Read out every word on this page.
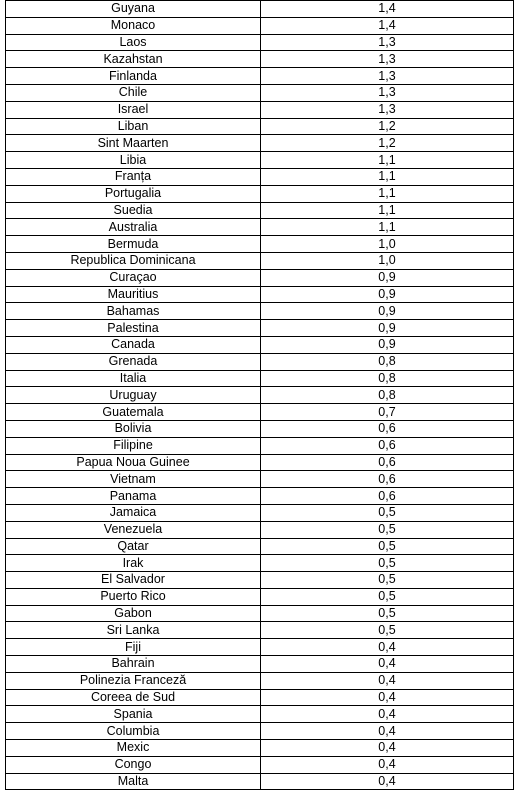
Guyana	1,4
Monaco	1,4
Laos	1,3
Kazahstan	1,3
Finlanda	1,3
Chile	1,3
Israel	1,3
Liban	1,2
Sint Maarten	1,2
Libia	1,1
Franța	1,1
Portugalia	1,1
Suedia	1,1
Australia	1,1
Bermuda	1,0
Republica Dominicana	1,0
Curaçao	0,9
Mauritius	0,9
Bahamas	0,9
Palestina	0,9
Canada	0,9
Grenada	0,8
Italia	0,8
Uruguay	0,8
Guatemala	0,7
Bolivia	0,6
Filipine	0,6
Papua Noua Guinee	0,6
Vietnam	0,6
Panama	0,6
Jamaica	0,5
Venezuela	0,5
Qatar	0,5
Irak	0,5
El Salvador	0,5
Puerto Rico	0,5
Gabon	0,5
Sri Lanka	0,5
Fiji	0,4
Bahrain	0,4
Polinezia Franceză	0,4
Coreea de Sud	0,4
Spania	0,4
Columbia	0,4
Mexic	0,4
Congo	0,4
Malta	0,4
